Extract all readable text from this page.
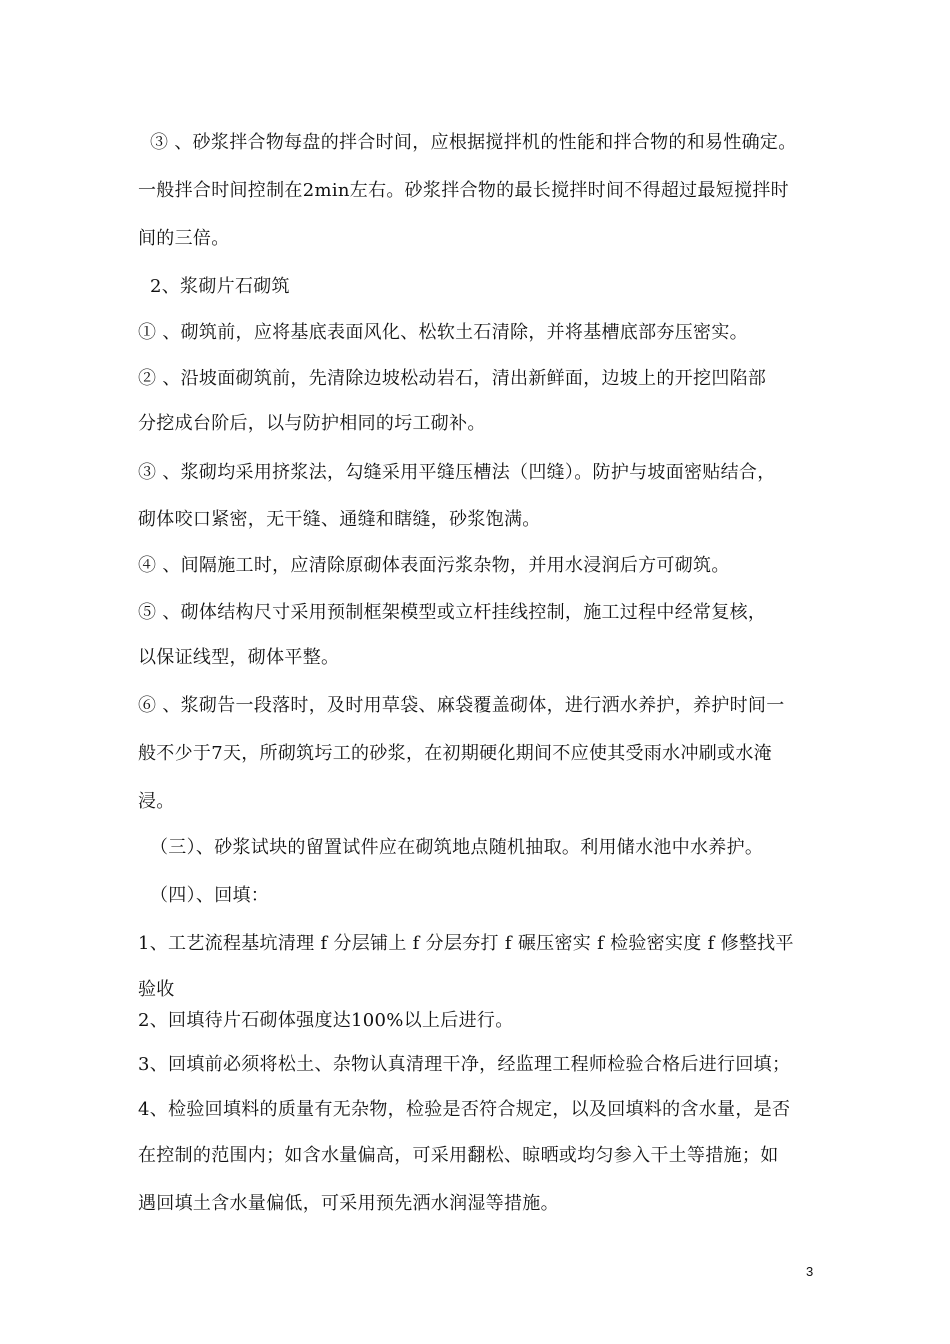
③ 、砂浆拌合物每盘的拌合时间，应根据搅拌机的性能和拌合物的和易性确定。
一般拌合时间控制在2min左右。砂浆拌合物的最长搅拌时间不得超过最短搅拌时
间的三倍。
2、浆砌片石砌筑
① 、砌筑前，应将基底表面风化、松软土石清除，并将基槽底部夯压密实。
② 、沿坡面砌筑前，先清除边坡松动岩石，清出新鲜面，边坡上的开挖凹陷部
分挖成台阶后，以与防护相同的圬工砌补。
③ 、浆砌均采用挤浆法，勾缝采用平缝压槽法（凹缝）。防护与坡面密贴结合，
砌体咬口紧密，无干缝、通缝和瞎缝，砂浆饱满。
④ 、间隔施工时，应清除原砌体表面污浆杂物，并用水浸润后方可砌筑。
⑤ 、砌体结构尺寸采用预制框架模型或立杆挂线控制，施工过程中经常复核，
以保证线型，砌体平整。
⑥ 、浆砌告一段落时，及时用草袋、麻袋覆盖砌体，进行洒水养护，养护时间一
般不少于7天，所砌筑圬工的砂浆，在初期硬化期间不应使其受雨水冲刷或水淹
浸。
（三）、砂浆试块的留置试件应在砌筑地点随机抽取。利用储水池中水养护。
（四）、回填：
1、工艺流程基坑清理 f 分层铺上 f 分层夯打 f 碾压密实 f 检验密实度 f 修整找平
验收
2、回填待片石砌体强度达100%以上后进行。
3、回填前必须将松土、杂物认真清理干净，经监理工程师检验合格后进行回填；
4、检验回填料的质量有无杂物，检验是否符合规定，以及回填料的含水量，是否
在控制的范围内；如含水量偏高，可采用翻松、晾晒或均匀参入干土等措施；如
遇回填土含水量偏低，可采用预先洒水润湿等措施。
3
